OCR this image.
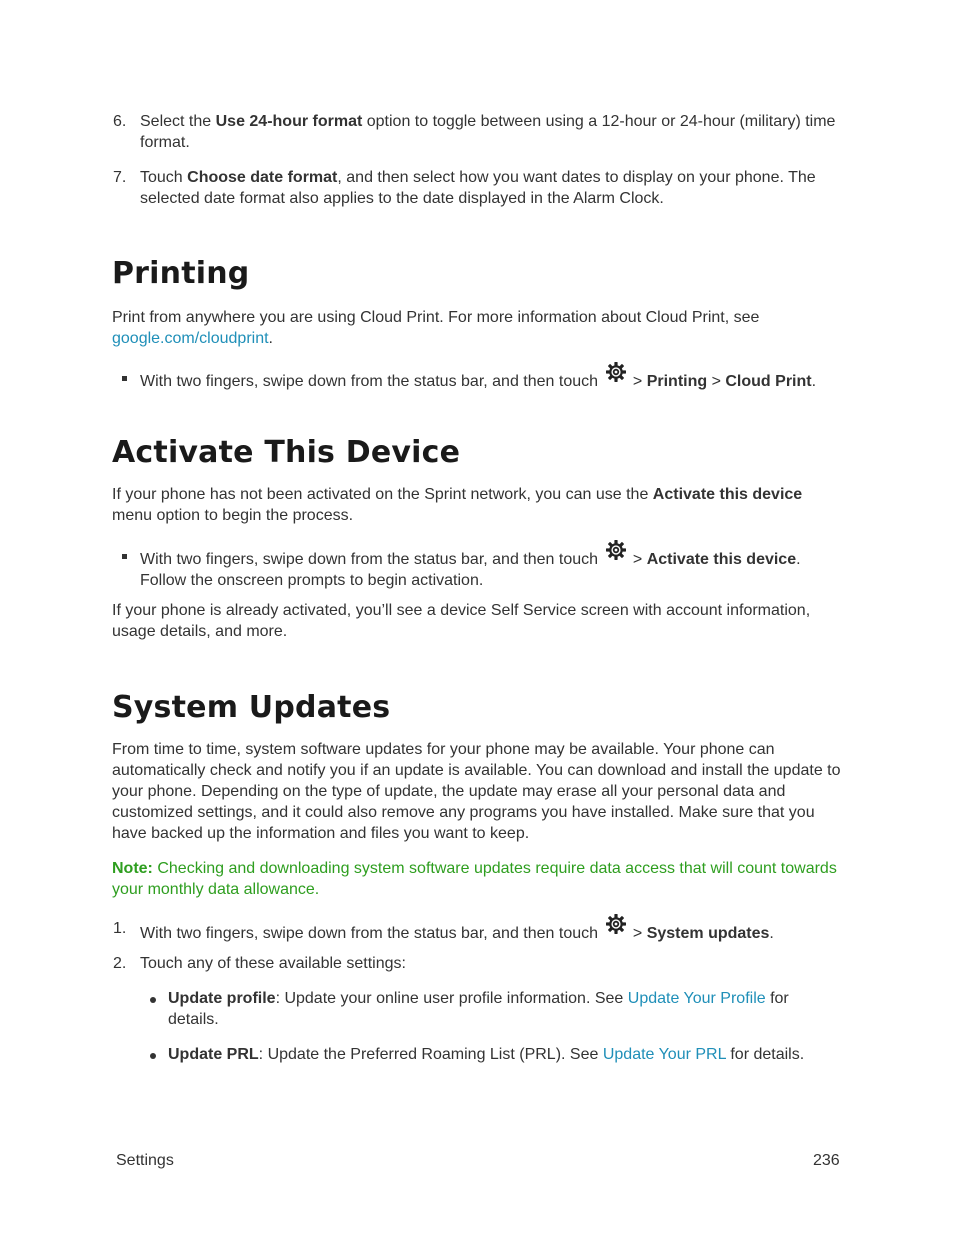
6. Select the Use 24-hour format option to toggle between using a 12-hour or 24-hour (military) time format.
7. Touch Choose date format, and then select how you want dates to display on your phone. The selected date format also applies to the date displayed in the Alarm Clock.
Printing
Print from anywhere you are using Cloud Print. For more information about Cloud Print, see google.com/cloudprint.
With two fingers, swipe down from the status bar, and then touch  > Printing > Cloud Print.
Activate This Device
If your phone has not been activated on the Sprint network, you can use the Activate this device menu option to begin the process.
With two fingers, swipe down from the status bar, and then touch  > Activate this device. Follow the onscreen prompts to begin activation.
If your phone is already activated, you’ll see a device Self Service screen with account information, usage details, and more.
System Updates
From time to time, system software updates for your phone may be available. Your phone can automatically check and notify you if an update is available. You can download and install the update to your phone. Depending on the type of update, the update may erase all your personal data and customized settings, and it could also remove any programs you have installed. Make sure that you have backed up the information and files you want to keep.
Note: Checking and downloading system software updates require data access that will count towards your monthly data allowance.
1. With two fingers, swipe down from the status bar, and then touch  > System updates.
2. Touch any of these available settings:
Update profile: Update your online user profile information. See Update Your Profile for details.
Update PRL: Update the Preferred Roaming List (PRL). See Update Your PRL for details.
Settings	236
